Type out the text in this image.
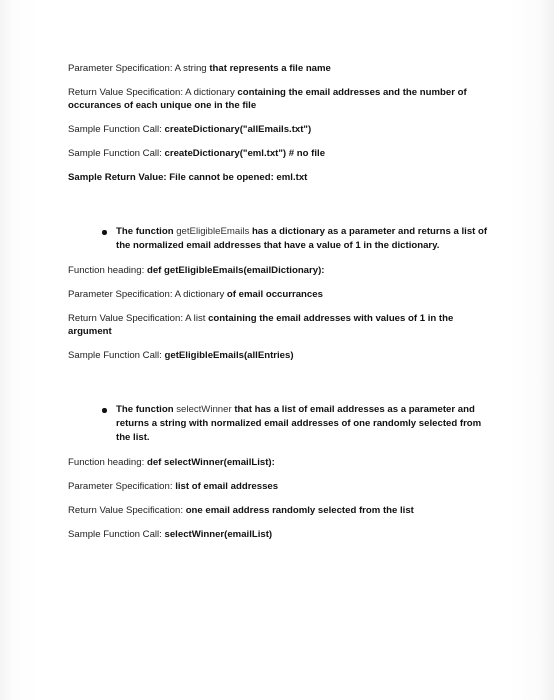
Parameter Specification: A string that represents a file name

Return Value Specification: A dictionary containing the email addresses and the number of occurances of each unique one in the file

Sample Function Call: createDictionary("allEmails.txt")

Sample Function Call: createDictionary("eml.txt") # no file

Sample Return Value: File cannot be opened: eml.txt

The function getEligibleEmails has a dictionary as a parameter and returns a list of the normalized email addresses that have a value of 1 in the dictionary.

Function heading: def getEligibleEmails(emailDictionary):

Parameter Specification: A dictionary of email occurrances

Return Value Specification: A list containing the email addresses with values of 1 in the argument

Sample Function Call: getEligibleEmails(allEntries)

The function selectWinner that has a list of email addresses as a parameter and returns a string with normalized email addresses of one randomly selected from the list.

Function heading: def selectWinner(emailList):

Parameter Specification: list of email addresses

Return Value Specification: one email address randomly selected from the list

Sample Function Call: selectWinner(emailList)
